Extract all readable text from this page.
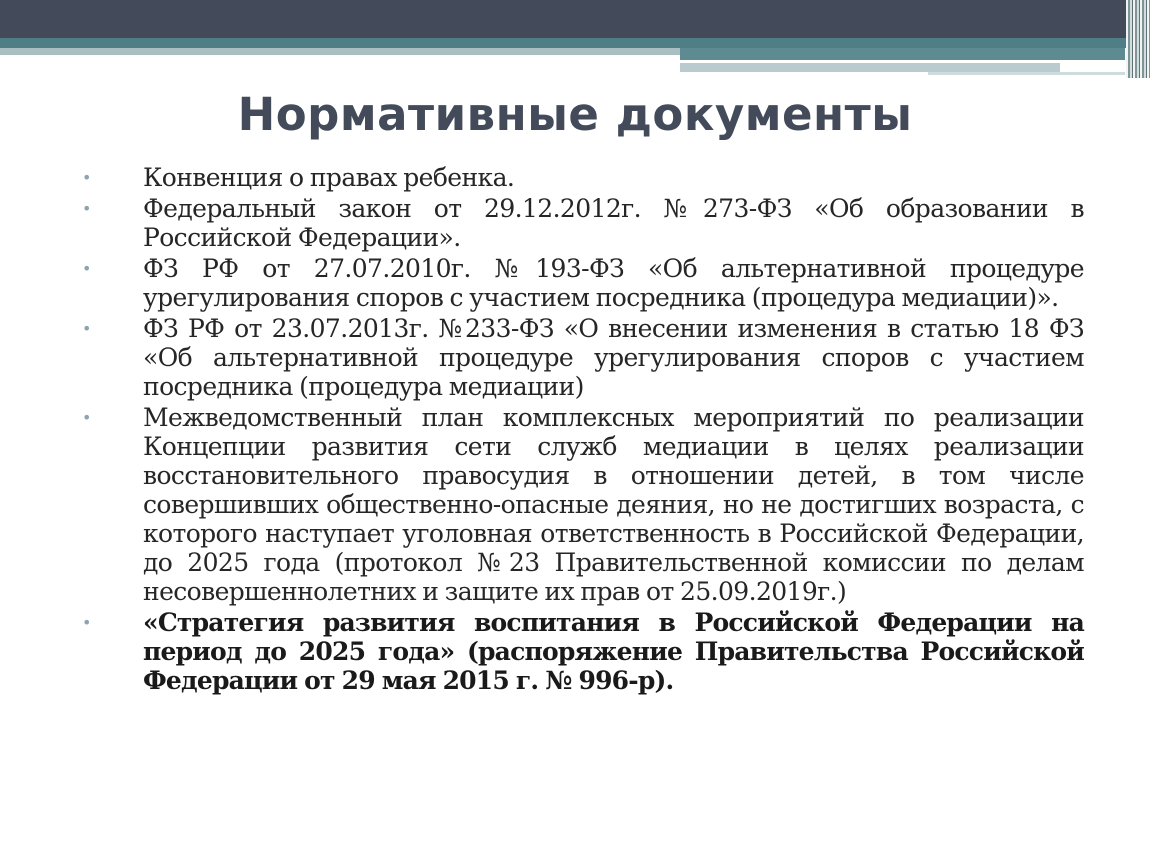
Нормативные документы
•	Конвенция о правах ребенка.
•	Федеральный закон от 29.12.2012г. №273-ФЗ «Об образовании в Российской Федерации».
•	ФЗ РФ от 27.07.2010г. №193-ФЗ «Об альтернативной процедуре урегулирования споров с участием посредника (процедура медиации)».
•	ФЗ РФ от 23.07.2013г. №233-ФЗ «О внесении изменения в статью 18 ФЗ «Об альтернативной процедуре урегулирования споров с участием посредника (процедура медиации)
•	Межведомственный план комплексных мероприятий по реализации Концепции развития сети служб медиации в целях реализации восстановительного правосудия в отношении детей, в том числе совершивших общественно-опасные деяния, но не достигших возраста, с которого наступает уголовная ответственность в Российской Федерации, до 2025 года (протокол №23 Правительственной комиссии по делам несовершеннолетних и защите их прав от 25.09.2019г.)
•	«Стратегия развития воспитания в Российской Федерации на период до 2025 года» (распоряжение Правительства Российской Федерации от 29 мая 2015 г. № 996-р).
